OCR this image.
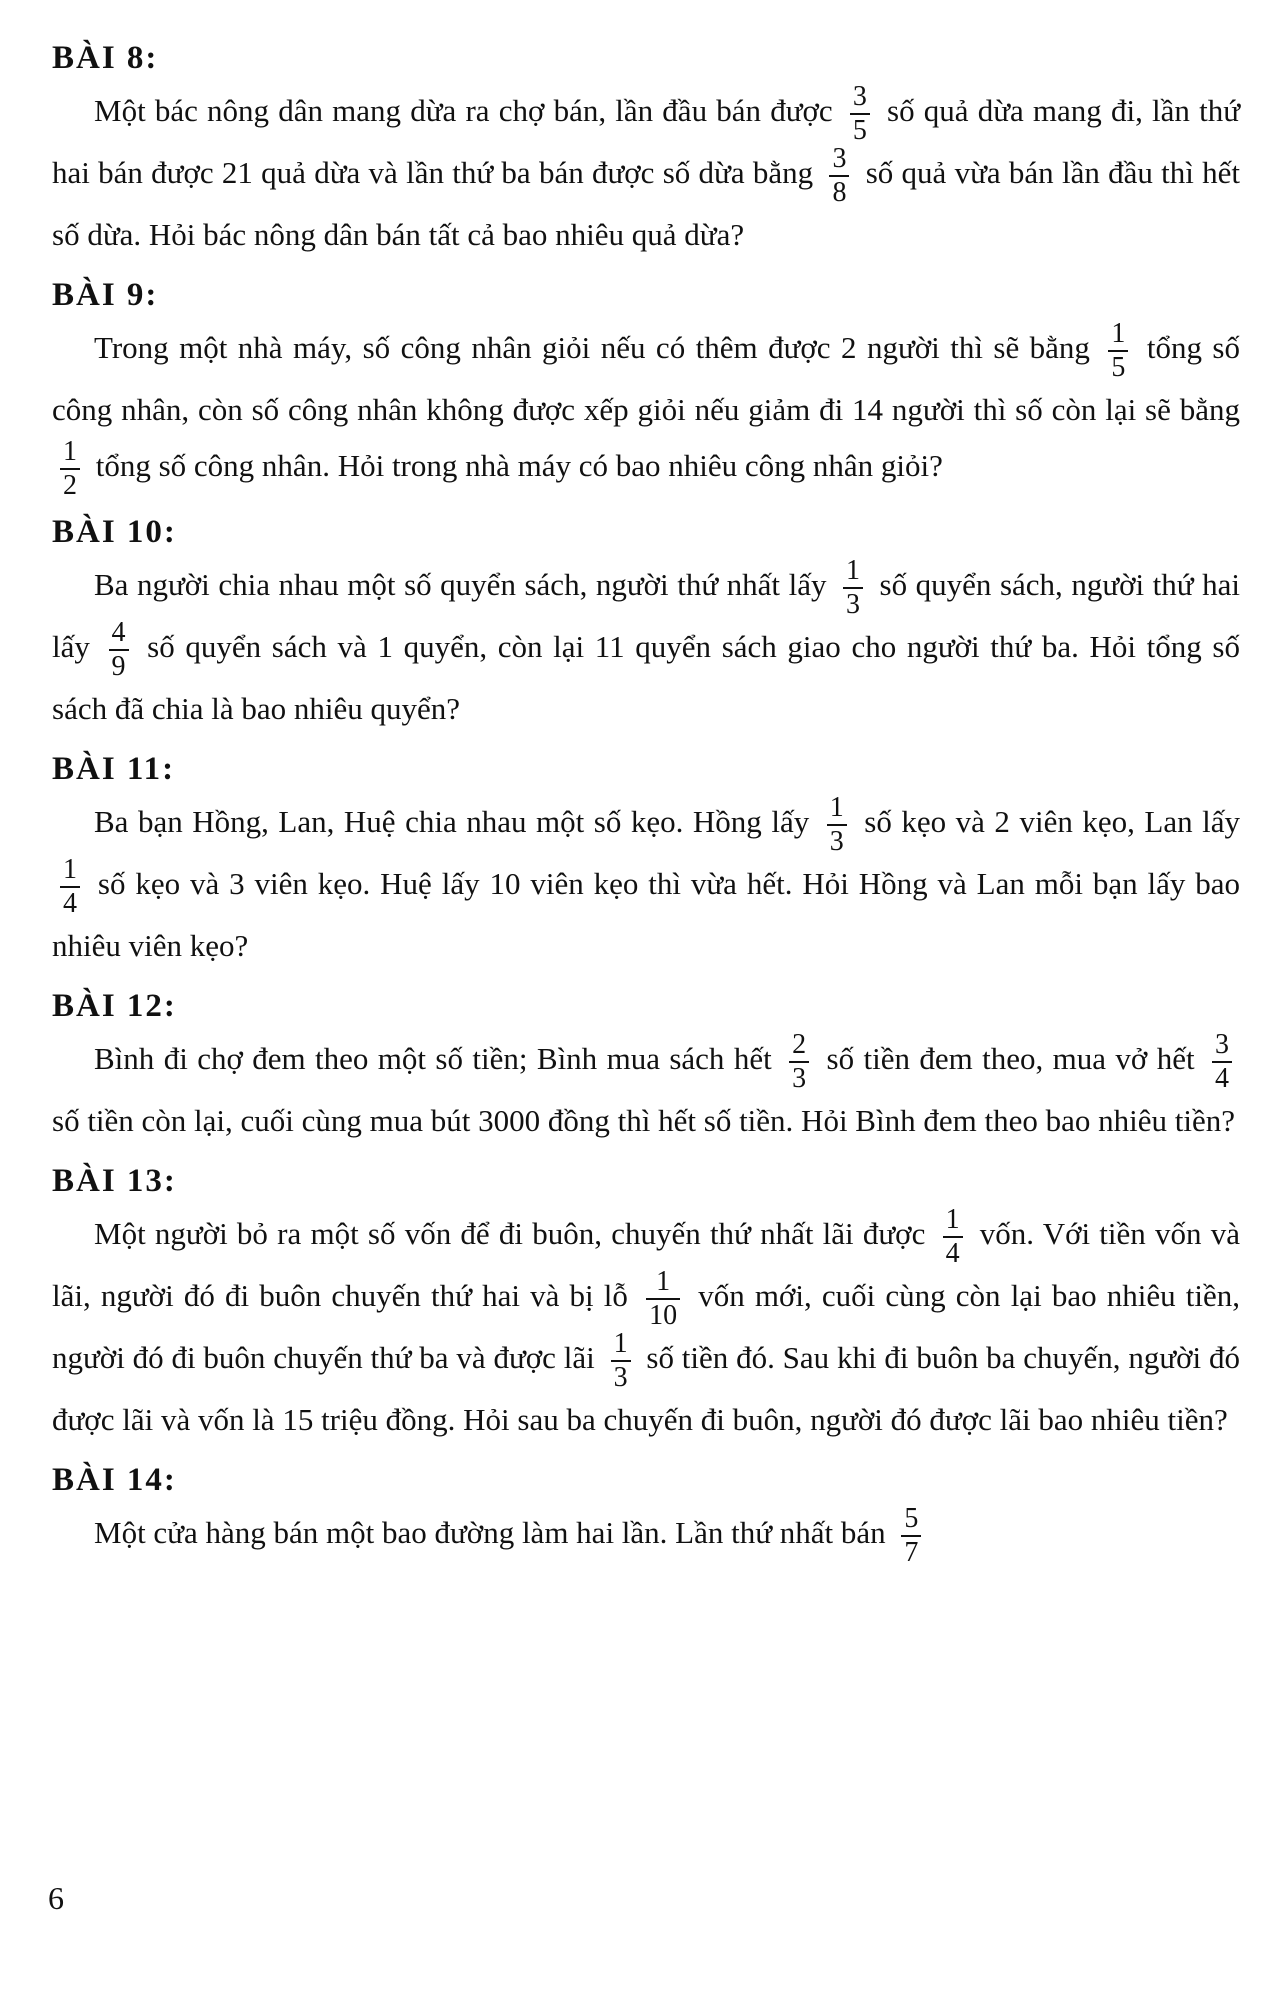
BÀI 8:

Một bác nông dân mang dừa ra chợ bán, lần đầu bán được $\frac{3}{5}$ số quả dừa mang đi, lần thứ hai bán được 21 quả dừa và lần thứ ba bán được số dừa bằng $\frac{3}{8}$ số quả vừa bán lần đầu thì hết số dừa. Hỏi bác nông dân bán tất cả bao nhiêu quả dừa?

BÀI 9:

Trong một nhà máy, số công nhân giỏi nếu có thêm được 2 người thì sẽ bằng $\frac{1}{5}$ tổng số công nhân, còn số công nhân không được xếp giỏi nếu giảm đi 14 người thì số còn lại sẽ bằng
$\frac{1}{2}$ tổng số công nhân. Hỏi trong nhà máy có bao nhiêu công nhân giỏi?

BÀI 10:

Ba người chia nhau một số quyển sách, người thứ nhất lấy $\frac{1}{3}$ số quyển sách, người thứ hai lấy $\frac{4}{9}$ số quyển sách và 1 quyển, còn lại 11 quyển sách giao cho người thứ ba. Hỏi tổng số sách đã chia là bao nhiêu quyển?

BÀI 11:

Ba bạn Hồng, Lan, Huệ chia nhau một số kẹo. Hồng lấy $\frac{1}{3}$ số kẹo và 2 viên kẹo, Lan lấy
$\frac{1}{4}$ số kẹo và 3 viên kẹo. Huệ lấy 10 viên kẹo thì vừa hết. Hỏi Hồng và Lan mỗi bạn lấy bao nhiêu viên kẹo?

BÀI 12:

Bình đi chợ đem theo một số tiền; Bình mua sách hết $\frac{2}{3}$ số tiền đem theo, mua vở hết $\frac{3}{4}$
số tiền còn lại, cuối cùng mua bút 3000 đồng thì hết số tiền. Hỏi Bình đem theo bao nhiêu tiền?

BÀI 13:

Một người bỏ ra một số vốn để đi buôn, chuyến thứ nhất lãi được $\frac{1}{4}$ vốn. Với tiền vốn và lãi, người đó đi buôn chuyến thứ hai và bị lỗ $\frac{1}{10}$ vốn mới, cuối cùng còn lại bao nhiêu tiền, người đó đi buôn chuyến thứ ba và được lãi $\frac{1}{3}$ số tiền đó. Sau khi đi buôn ba chuyến, người đó được lãi và vốn là 15 triệu đồng. Hỏi sau ba chuyến đi buôn, người đó được lãi bao nhiêu tiền?

BÀI 14:

Một cửa hàng bán một bao đường làm hai lần. Lần thứ nhất bán $\frac{5}{7}$

6
